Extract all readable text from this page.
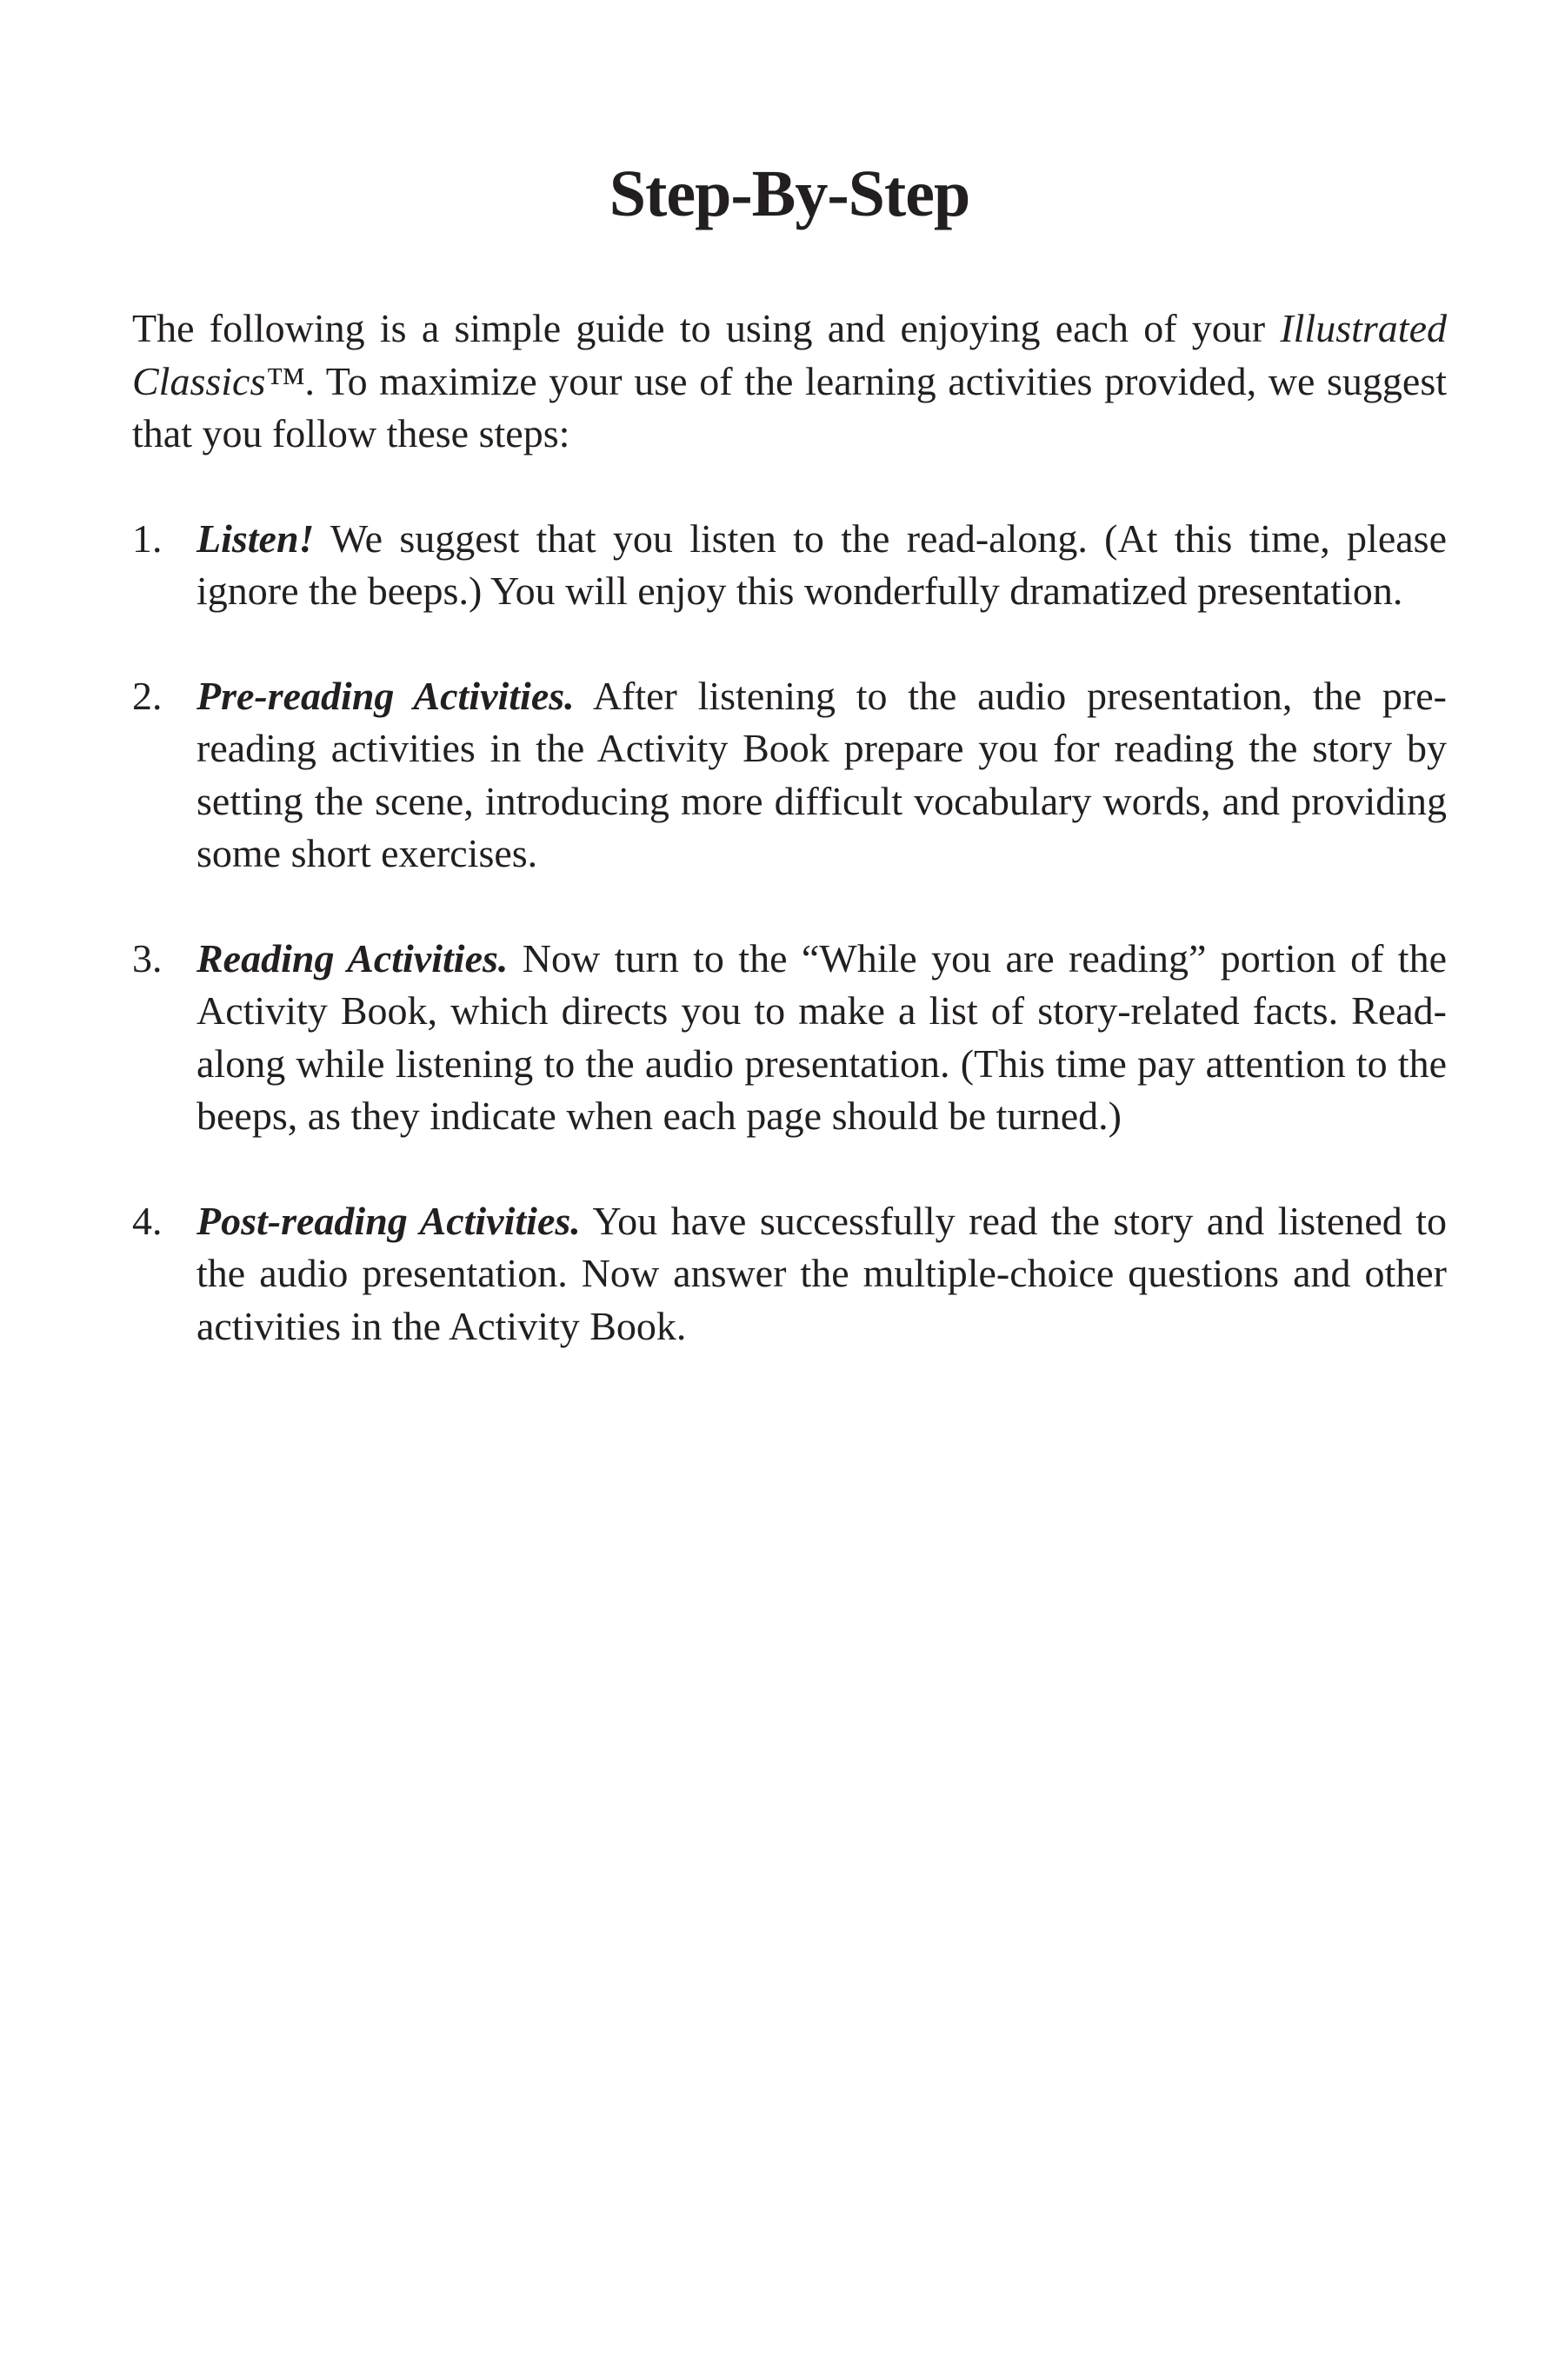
Step-By-Step

The following is a simple guide to using and enjoying each of your Illustrated Classics™. To maximize your use of the learning activities provided, we suggest that you follow these steps:

1. Listen! We suggest that you listen to the read-along. (At this time, please ignore the beeps.) You will enjoy this wonderfully dramatized presentation.
2. Pre-reading Activities. After listening to the audio presentation, the pre-reading activities in the Activity Book prepare you for reading the story by setting the scene, introducing more difficult vocabulary words, and providing some short exercises.
3. Reading Activities. Now turn to the “While you are reading” portion of the Activity Book, which directs you to make a list of story-related facts. Read-along while listening to the audio presentation. (This time pay attention to the beeps, as they indicate when each page should be turned.)
4. Post-reading Activities. You have successfully read the story and listened to the audio presentation. Now answer the multiple-choice questions and other activities in the Activity Book.
